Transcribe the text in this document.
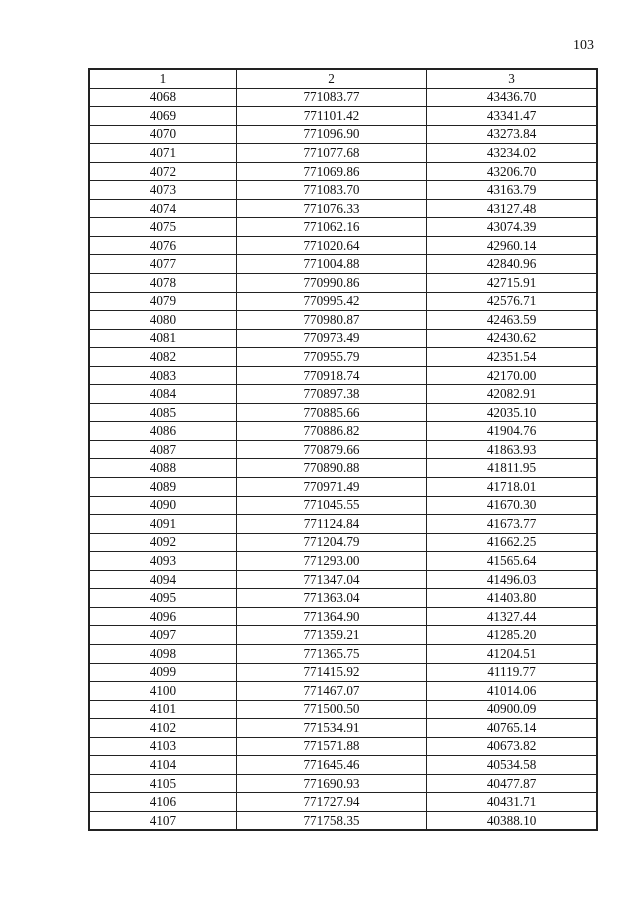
103
1	2	3
4068	771083.77	43436.70
4069	771101.42	43341.47
4070	771096.90	43273.84
4071	771077.68	43234.02
4072	771069.86	43206.70
4073	771083.70	43163.79
4074	771076.33	43127.48
4075	771062.16	43074.39
4076	771020.64	42960.14
4077	771004.88	42840.96
4078	770990.86	42715.91
4079	770995.42	42576.71
4080	770980.87	42463.59
4081	770973.49	42430.62
4082	770955.79	42351.54
4083	770918.74	42170.00
4084	770897.38	42082.91
4085	770885.66	42035.10
4086	770886.82	41904.76
4087	770879.66	41863.93
4088	770890.88	41811.95
4089	770971.49	41718.01
4090	771045.55	41670.30
4091	771124.84	41673.77
4092	771204.79	41662.25
4093	771293.00	41565.64
4094	771347.04	41496.03
4095	771363.04	41403.80
4096	771364.90	41327.44
4097	771359.21	41285.20
4098	771365.75	41204.51
4099	771415.92	41119.77
4100	771467.07	41014.06
4101	771500.50	40900.09
4102	771534.91	40765.14
4103	771571.88	40673.82
4104	771645.46	40534.58
4105	771690.93	40477.87
4106	771727.94	40431.71
4107	771758.35	40388.10
